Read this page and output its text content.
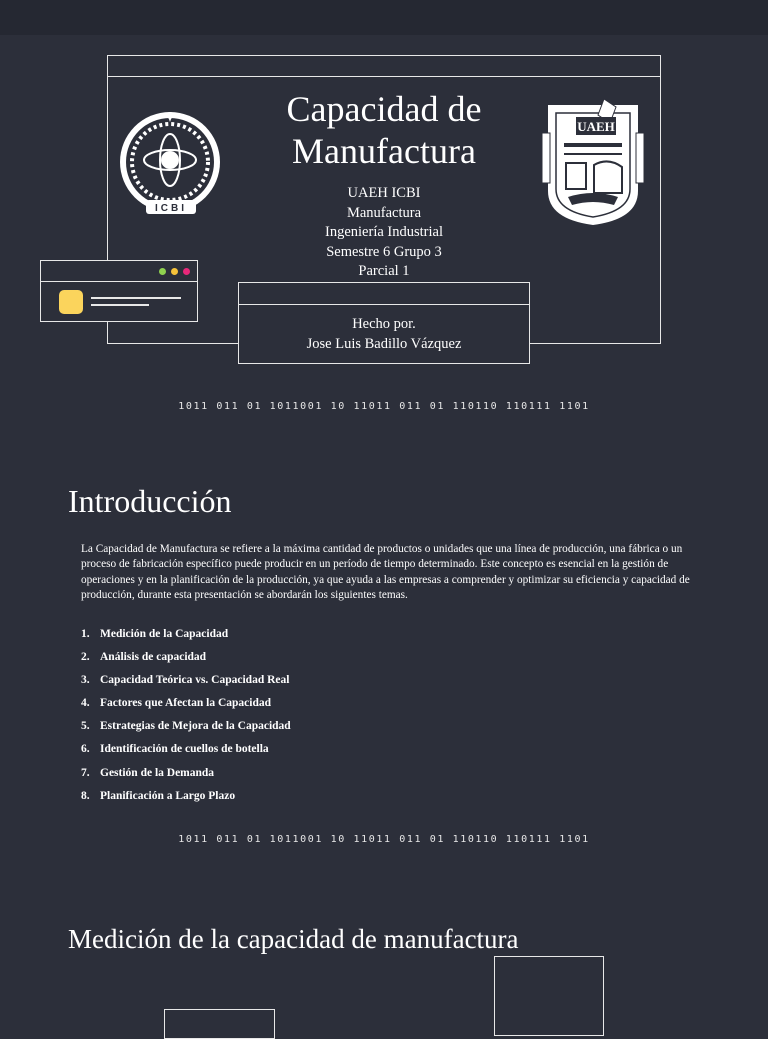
ICBI
UAEH
Capacidad de
Manufactura
UAEH ICBI
Manufactura
Ingeniería Industrial
Semestre 6 Grupo 3
Parcial 1
Hecho por.
Jose Luis Badillo Vázquez
1011 011 01 1011001 10 11011 011 01 110110 110111 1101
Introducción
La Capacidad de Manufactura se refiere a la máxima cantidad de productos o unidades que una línea de producción, una fábrica o un proceso de fabricación específico puede producir en un período de tiempo determinado. Este concepto es esencial en la gestión de operaciones y en la planificación de la producción, ya que ayuda a las empresas a comprender y optimizar su eficiencia y capacidad de producción, durante esta presentación se abordarán los siguientes temas.
1. Medición de la Capacidad
2. Análisis de capacidad
3. Capacidad Teórica vs. Capacidad Real
4. Factores que Afectan la Capacidad
5. Estrategias de Mejora de la Capacidad
6. Identificación de cuellos de botella
7. Gestión de la Demanda
8. Planificación a Largo Plazo
1011 011 01 1011001 10 11011 011 01 110110 110111 1101
Medición de la capacidad de manufactura
